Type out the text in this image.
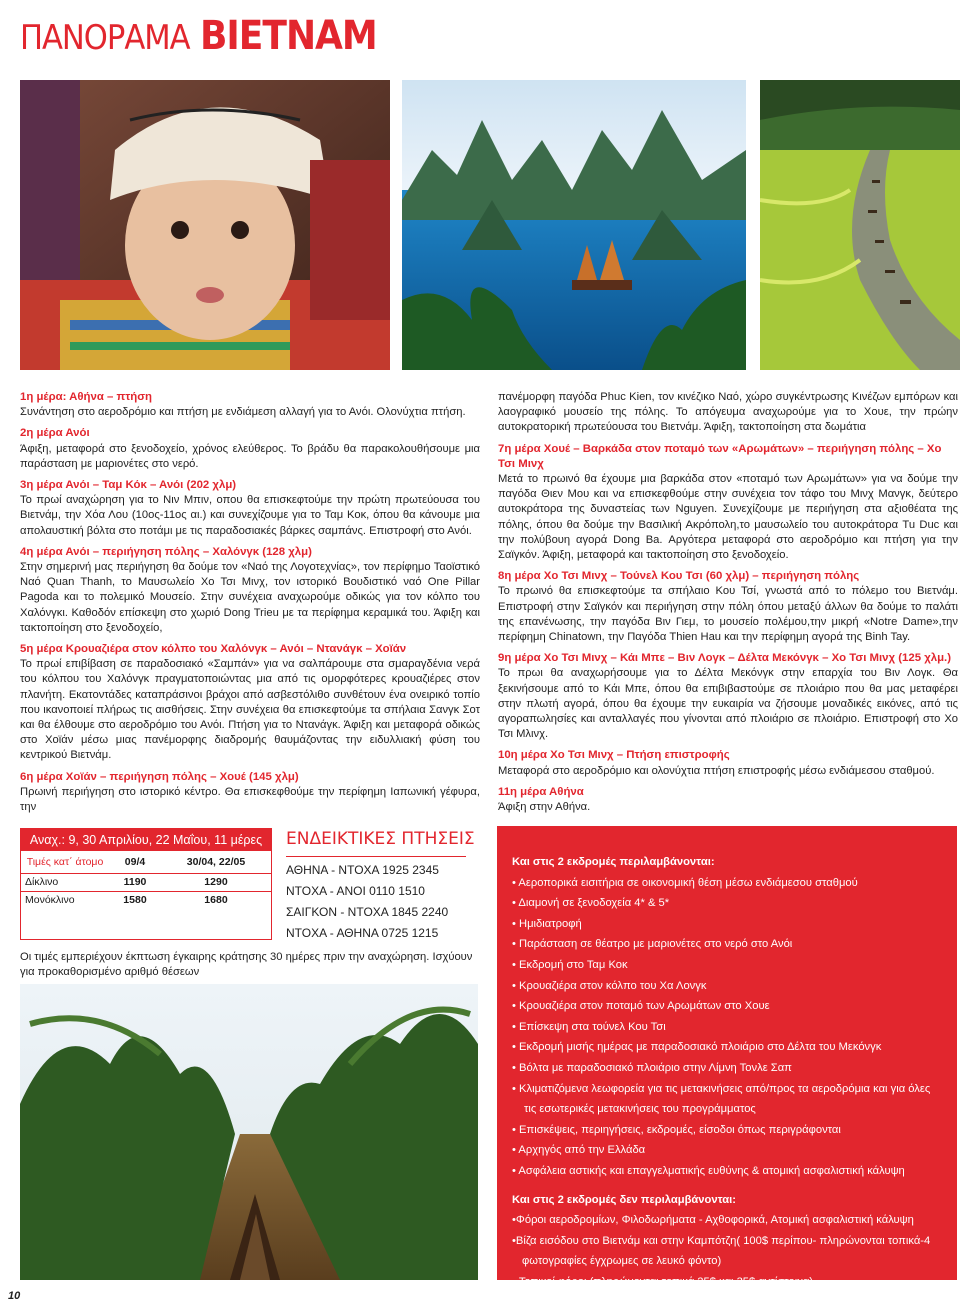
ΠΑΝΟΡΑΜΑ ΒΙΕΤΝΑΜ
1η μέρα: Αθήνα – πτήση
Συνάντηση στο αεροδρόμιο και πτήση με ενδιάμεση αλλαγή για το Ανόι. Ολονύχτια πτήση.
2η μέρα Ανόι
Άφιξη, μεταφορά στο ξενοδοχείο, χρόνος ελεύθερος. Το βράδυ θα παρακολουθήσουμε μια παράσταση με μαριονέτες στο νερό.
3η μέρα Ανόι – Ταμ Κόκ – Ανόι (202 χλμ)
Το πρωί αναχώρηση για το Νιν Μπιν, οπου θα επισκεφτούμε την πρώτη πρωτεύουσα του Βιετνάμ, την Χόα Λου (10ος-11ος αι.) και συνεχίζουμε για το Ταμ Κοκ, όπου θα κάνουμε μια απολαυστική βόλτα στο ποτάμι με τις παραδοσιακές βάρκες σαμπάνς. Επιστροφή στο Ανόι.
4η μέρα Ανόι – περιήγηση πόλης – Χαλόνγκ (128 χλμ)
Στην σημερινή μας περιήγηση θα δούμε τον «Ναό της Λογοτεχνίας», τον περίφημο Ταοϊστικό Ναό Quan Thanh, το Μαυσωλείο Χο Τσι Μινχ, τον ιστορικό Βουδιστικό ναό One Pillar Pagoda και το πολεμικό Μουσείο. Στην συνέχεια αναχωρούμε οδικώς για τον κόλπο του Χαλόνγκι. Καθοδόν επίσκεψη στο χωριό Dong Trieu με τα περίφημα κεραμικά του. Άφιξη και τακτοποίηση στο ξενοδοχείο,
5η μέρα Κρουαζιέρα στον κόλπο του Χαλόνγκ – Ανόι – Ντανάγκ – Χοϊάν
Το πρωί επιβίβαση σε παραδοσιακό «Σαμπάν» για να σαλπάρουμε στα σμαραγδένια νερά του κόλπου του Χαλόνγκ πραγματοποιώντας μια από τις ομορφότερες κρουαζιέρες στον πλανήτη. Εκατοντάδες καταπράσινοι βράχοι από ασβεστόλιθο συνθέτουν ένα ονειρικό τοπίο που ικανοποιεί πλήρως τις αισθήσεις. Στην συνέχεια θα επισκεφτούμε τα σπήλαια Σανγκ Σοτ και θα έλθουμε στο αεροδρόμιο του Ανόι. Πτήση για το Ντανάγκ. Άφιξη και μεταφορά οδικώς στο Χοϊάν μέσω μιας πανέμορφης διαδρομής θαυμάζοντας την ειδυλλιακή φύση του κεντρικού Βιετνάμ.
6η μέρα Χοϊάν – περιήγηση πόλης – Χουέ (145 χλμ)
Πρωινή περιήγηση στο ιστορικό κέντρο. Θα επισκεφθούμε την περίφημη Ιαπωνική γέφυρα, την
πανέμορφη παγόδα Phuc Kien, τον κινέζικο Ναό, χώρο συγκέντρωσης Κινέζων εμπόρων και λαογραφικό μουσείο της πόλης. Το απόγευμα αναχωρούμε για το Χουε, την πρώην αυτοκρατορική πρωτεύουσα του Βιετνάμ. Άφιξη, τακτοποίηση στα δωμάτια
7η μέρα Χουέ – Βαρκάδα στον ποταμό των «Αρωμάτων» – περιήγηση πόλης – Χο Τσι Μινχ
Μετά το πρωινό θα έχουμε μια βαρκάδα στον «ποταμό των Αρωμάτων» για να δούμε την παγόδα Θιεν Μου και να επισκεφθούμε στην συνέχεια τον τάφο του Μινχ Μανγκ, δεύτερο αυτοκράτορα της δυναστείας των Nguyen. Συνεχίζουμε με περιήγηση στα αξιοθέατα της πόλης, όπου θα δούμε την Βασιλική Ακρόπολη,το μαυσωλείο του αυτοκράτορα Tu Duc και την πολύβουη αγορά Dong Ba. Αργότερα μεταφορά στο αεροδρόμιο και πτήση για την Σαϊγκόν. Άφιξη, μεταφορά και τακτοποίηση στο ξενοδοχείο.
8η μέρα Χο Τσι Μινχ – Τούνελ Κου Τσι (60 χλμ) – περιήγηση πόλης
Το πρωινό θα επισκεφτούμε τα σπήλαιο Κου Τσί, γνωστά από το πόλεμο του Βιετνάμ. Επιστροφή στην Σαϊγκόν και περιήγηση στην πόλη όπου μεταξύ άλλων θα δούμε το παλάτι της επανένωσης, την παγόδα Βιν Γιεμ, το μουσείο πολέμου,την μικρή «Notre Dame»,την περίφημη Chinatown, την Παγόδα Thien Hau και την περίφημη αγορά της Binh Tay.
9η μέρα Χο Τσι Μινχ – Κάι Μπε – Βιν Λογκ – Δέλτα Μεκόνγκ – Χο Τσι Μινχ (125 χλμ.)
Το πρωι θα αναχωρήσουμε για το Δέλτα Μεκόνγκ στην επαρχία του Βιν Λογκ. Θα ξεκινήσουμε από το Κάι Μπε, όπου θα επιβιβαστούμε σε πλοιάριο που θα μας μεταφέρει στην πλωτή αγορά, όπου θα έχουμε την ευκαιρία να ζήσουμε μοναδικές εικόνες, από τις αγοραπωλησίες και ανταλλαγές που γίνονται από πλοιάριο σε πλοιάριο. Επιστροφή στο Χο Τσι Μλινχ.
10η μέρα Χο Τσι Μινχ – Πτήση επιστροφής
Μεταφορά στο αεροδρόμιο και ολονύχτια πτήση επιστροφής μέσω ενδιάμεσου σταθμού.
11η μέρα Αθήνα
Άφιξη στην Αθήνα.
Αναχ.: 9, 30 Απριλίου, 22 Μαΐου, 11 μέρες
Τιμές κατ΄ άτομο	09/4	30/04, 22/05
Δίκλινο	1190	1290
Μονόκλινο	1580	1680
ΕΝΔΕΙΚΤΙΚΕΣ ΠΤΗΣΕΙΣ
ΑΘΗΝΑ - ΝΤΟΧΑ 1925 2345
ΝΤΟΧΑ - ΑΝΟΙ 0110 1510
ΣΑΙΓΚΟΝ - ΝΤΟΧΑ 1845 2240
ΝΤΟΧΑ - ΑΘΗΝΑ 0725 1215
Οι τιμές εμπεριέχουν έκπτωση έγκαιρης κράτησης 30 ημέρες πριν την αναχώρηση. Ισχύουν για προκαθορισμένο αριθμό θέσεων
Και στις 2 εκδρομές περιλαμβάνονται:
• Αεροπορικά εισιτήρια σε οικονομική θέση μέσω ενδιάμεσου σταθμού
• Διαμονή σε ξενοδοχεία 4* & 5*
• Ημιδιατροφή
• Παράσταση σε θέατρο με μαριονέτες στο νερό στο Ανόι
• Εκδρομή στο Ταμ Κοκ
• Κρουαζιέρα στον κόλπο του Χα Λονγκ
• Κρουαζιέρα στον ποταμό των Αρωμάτων στο Χουε
• Επίσκεψη στα τούνελ Κου Τσι
• Εκδρομή μισής ημέρας με παραδοσιακό πλοιάριο στο Δέλτα του Μεκόνγκ
• Βόλτα με παραδοσιακό πλοιάριο στην Λίμνη Τονλε Σαπ
• Κλιματιζόμενα λεωφορεία για τις μετακινήσεις από/προς τα αεροδρόμια και για όλες
τις εσωτερικές μετακινήσεις του προγράμματος
• Επισκέψεις, περιηγήσεις, εκδρομές, είσοδοι όπως περιγράφονται
• Αρχηγός από την Ελλάδα
• Ασφάλεια αστικής και επαγγελματικής ευθύνης & ατομική ασφαλιστική κάλυψη
Και στις 2 εκδρομές δεν περιλαμβάνονται:
•Φόροι αεροδρομίων, Φιλοδωρήματα - Αχθοφορικά, Ατομική ασφαλιστική κάλυψη
•Βίζα εισόδου στο Βιετνάμ και στην Καμπότζη( 100$ περίπου- πληρώνονται τοπικά-4
φωτογραφίες έγχρωμες σε λευκό φόντο)
• Τοπικοί φόροι (πληρώνονται τοπικά 25$ και 35$ αντίστοιχα)
10
